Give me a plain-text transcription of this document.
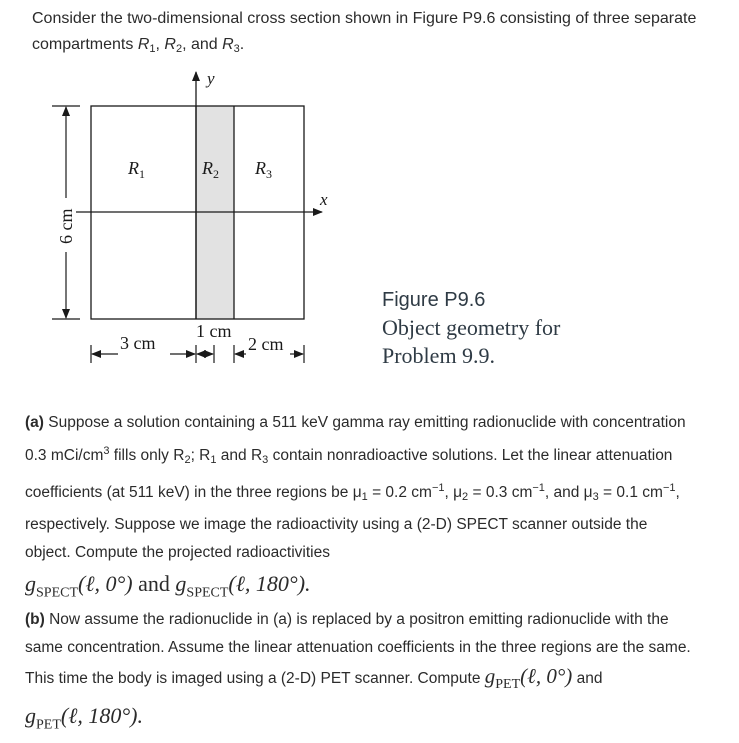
Consider the two-dimensional cross section shown in Figure P9.6 consisting of three separate
compartments $R_1$, $R_2$, and $R_3$.
y
x
$R_1$	$R_2$ $R_3$
6 cm
3 cm
1 cm
2 cm
Figure P9.6
Object geometry for
Problem 9.9.
(a) Suppose a solution containing a 511 keV gamma ray emitting radionuclide with concentration
0.3 mCi/$cm^3$ fills only $R_2$; $R_1$ and $R_3$ contain nonradioactive solutions. Let the linear attenuation
coefficients (at 511 keV) in the three regions be $\mu_1 = 0.2$ $cm^{-1}$, $\mu_2 = 0.3$ $cm^{-1}$, and $\mu_3 = 0.1$ $cm^{-1}$,
respectively. Suppose we image the radioactivity using a (2-D) SPECT scanner outside the
object. Compute the projected radioactivities
$g_{SPECT}(\ell$, 0°) and $g_{SPECT}(\ell$, 180°).
(b) Now assume the radionuclide in (a) is replaced by a positron emitting radionuclide with the
same concentration. Assume the linear attenuation coefficients in the three regions are the same.
This time the body is imaged using a (2-D) PET scanner. Compute $g_{PET}(\ell$, 0°) and
$g_{PET}(\ell$, 180°).
